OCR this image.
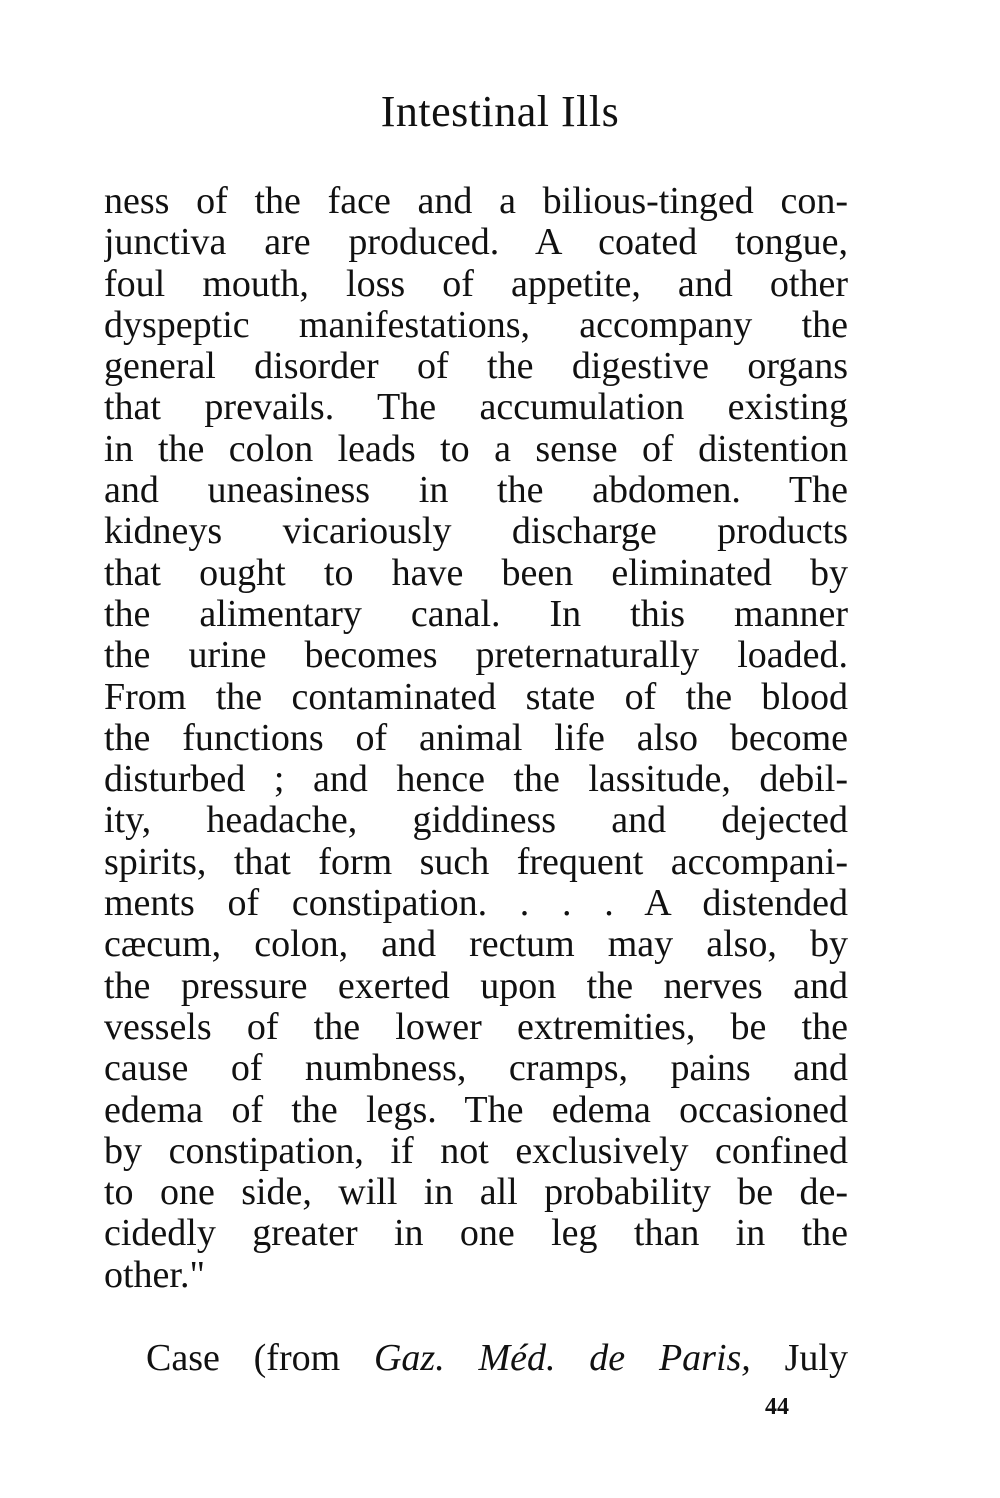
Intestinal Ills
ness of the face and a bilious-tinged con-
junctiva are produced. A coated tongue,
foul mouth, loss of appetite, and other
dyspeptic manifestations, accompany the
general disorder of the digestive organs
that prevails. The accumulation existing
in the colon leads to a sense of distention
and uneasiness in the abdomen. The
kidneys vicariously discharge products
that ought to have been eliminated by
the alimentary canal. In this manner
the urine becomes preternaturally loaded.
From the contaminated state of the blood
the functions of animal life also become
disturbed ; and hence the lassitude, debil-
ity, headache, giddiness and dejected
spirits, that form such frequent accompani-
ments of constipation. . . . A distended
cæcum, colon, and rectum may also, by
the pressure exerted upon the nerves and
vessels of the lower extremities, be the
cause of numbness, cramps, pains and
edema of the legs. The edema occasioned
by constipation, if not exclusively confined
to one side, will in all probability be de-
cidedly greater in one leg than in the
other."
Case (from Gaz. Méd. de Paris, July
44
